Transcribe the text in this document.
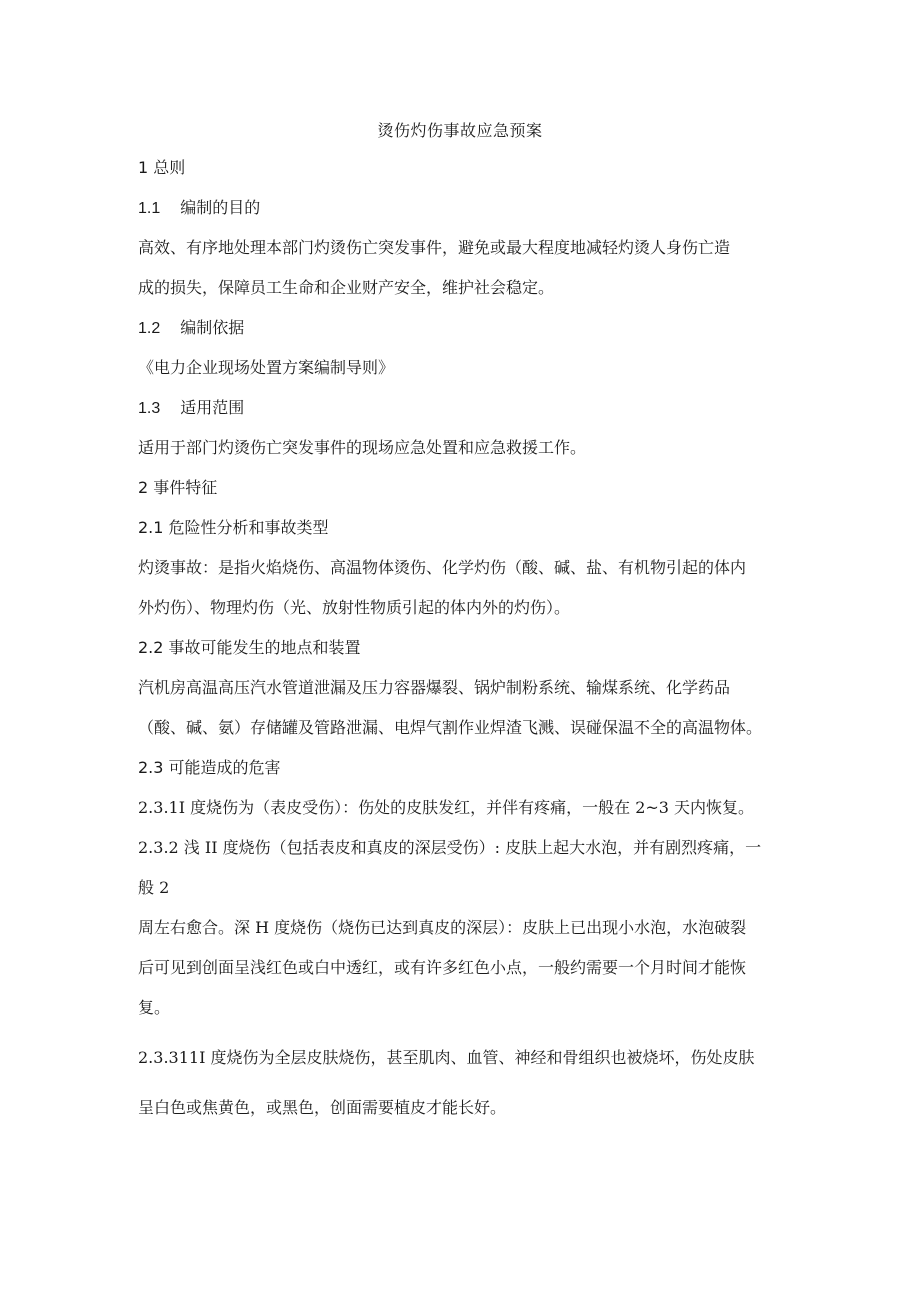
烫伤灼伤事故应急预案
1 总则
1.1 编制的目的
高效、有序地处理本部门灼烫伤亡突发事件，避免或最大程度地减轻灼烫人身伤亡造
成的损失，保障员工生命和企业财产安全，维护社会稳定。
1.2 编制依据
《电力企业现场处置方案编制导则》
1.3 适用范围
适用于部门灼烫伤亡突发事件的现场应急处置和应急救援工作。
2 事件特征
2.1 危险性分析和事故类型
灼烫事故：是指火焰烧伤、高温物体烫伤、化学灼伤（酸、碱、盐、有机物引起的体内
外灼伤）、物理灼伤（光、放射性物质引起的体内外的灼伤）。
2.2 事故可能发生的地点和装置
汽机房高温高压汽水管道泄漏及压力容器爆裂、锅炉制粉系统、输煤系统、化学药品
（酸、碱、氨）存储罐及管路泄漏、电焊气割作业焊渣飞溅、误碰保温不全的高温物体。
2.3 可能造成的危害
2.3.1I 度烧伤为（表皮受伤）：伤处的皮肤发红，并伴有疼痛，一般在 2~3 天内恢复。
2.3.2 浅 II 度烧伤（包括表皮和真皮的深层受伤）: 皮肤上起大水泡，并有剧烈疼痛，一
般 2
周左右愈合。深 H 度烧伤（烧伤已达到真皮的深层）：皮肤上已出现小水泡，水泡破裂
后可见到创面呈浅红色或白中透红，或有许多红色小点，一般约需要一个月时间才能恢
复。
2.3.311I 度烧伤为全层皮肤烧伤，甚至肌肉、血管、神经和骨组织也被烧坏，伤处皮肤
呈白色或焦黄色，或黑色，创面需要植皮才能长好。
